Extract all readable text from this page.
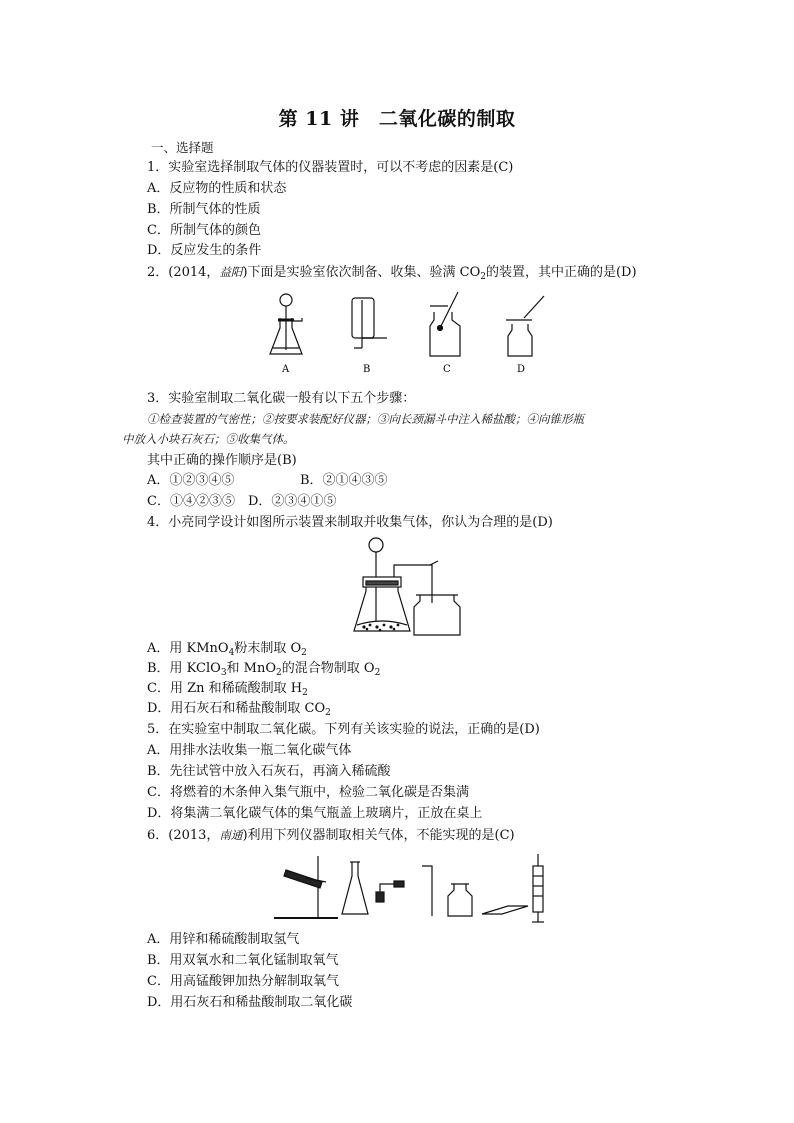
第 11 讲　二氧化碳的制取
一、选择题
1．实验室选择制取气体的仪器装置时，可以不考虑的因素是(C)
A．反应物的性质和状态
B．所制气体的性质
C．所制气体的颜色
D．反应发生的条件
2．(2014，益阳)下面是实验室依次制备、收集、验满 $CO_2$的装置，其中正确的是(D)
A	B	C	D
3．实验室制取二氧化碳一般有以下五个步骤：
①检查装置的气密性；②按要求装配好仪器；③向长颈漏斗中注入稀盐酸；④向锥形瓶
中放入小块石灰石；⑤收集气体。
其中正确的操作顺序是(B)
A．①②③④⑤	B．②①④③⑤
C．①④②③⑤　D．②③④①⑤
4．小亮同学设计如图所示装置来制取并收集气体，你认为合理的是(D)
A．用 KMnO$_4$粉末制取 $O_2$
B．用 KClO$_3$和 MnO$_2$的混合物制取 $O_2$
C．用 Zn 和稀硫酸制取 $H_2$
D．用石灰石和稀盐酸制取 $CO_2$
5．在实验室中制取二氧化碳。下列有关该实验的说法，正确的是(D)
A．用排水法收集一瓶二氧化碳气体
B．先往试管中放入石灰石，再滴入稀硫酸
C．将燃着的木条伸入集气瓶中，检验二氧化碳是否集满
D．将集满二氧化碳气体的集气瓶盖上玻璃片，正放在桌上
6．(2013，南通)利用下列仪器制取相关气体，不能实现的是(C)
A．用锌和稀硫酸制取氢气
B．用双氧水和二氧化锰制取氧气
C．用高锰酸钾加热分解制取氧气
D．用石灰石和稀盐酸制取二氧化碳
